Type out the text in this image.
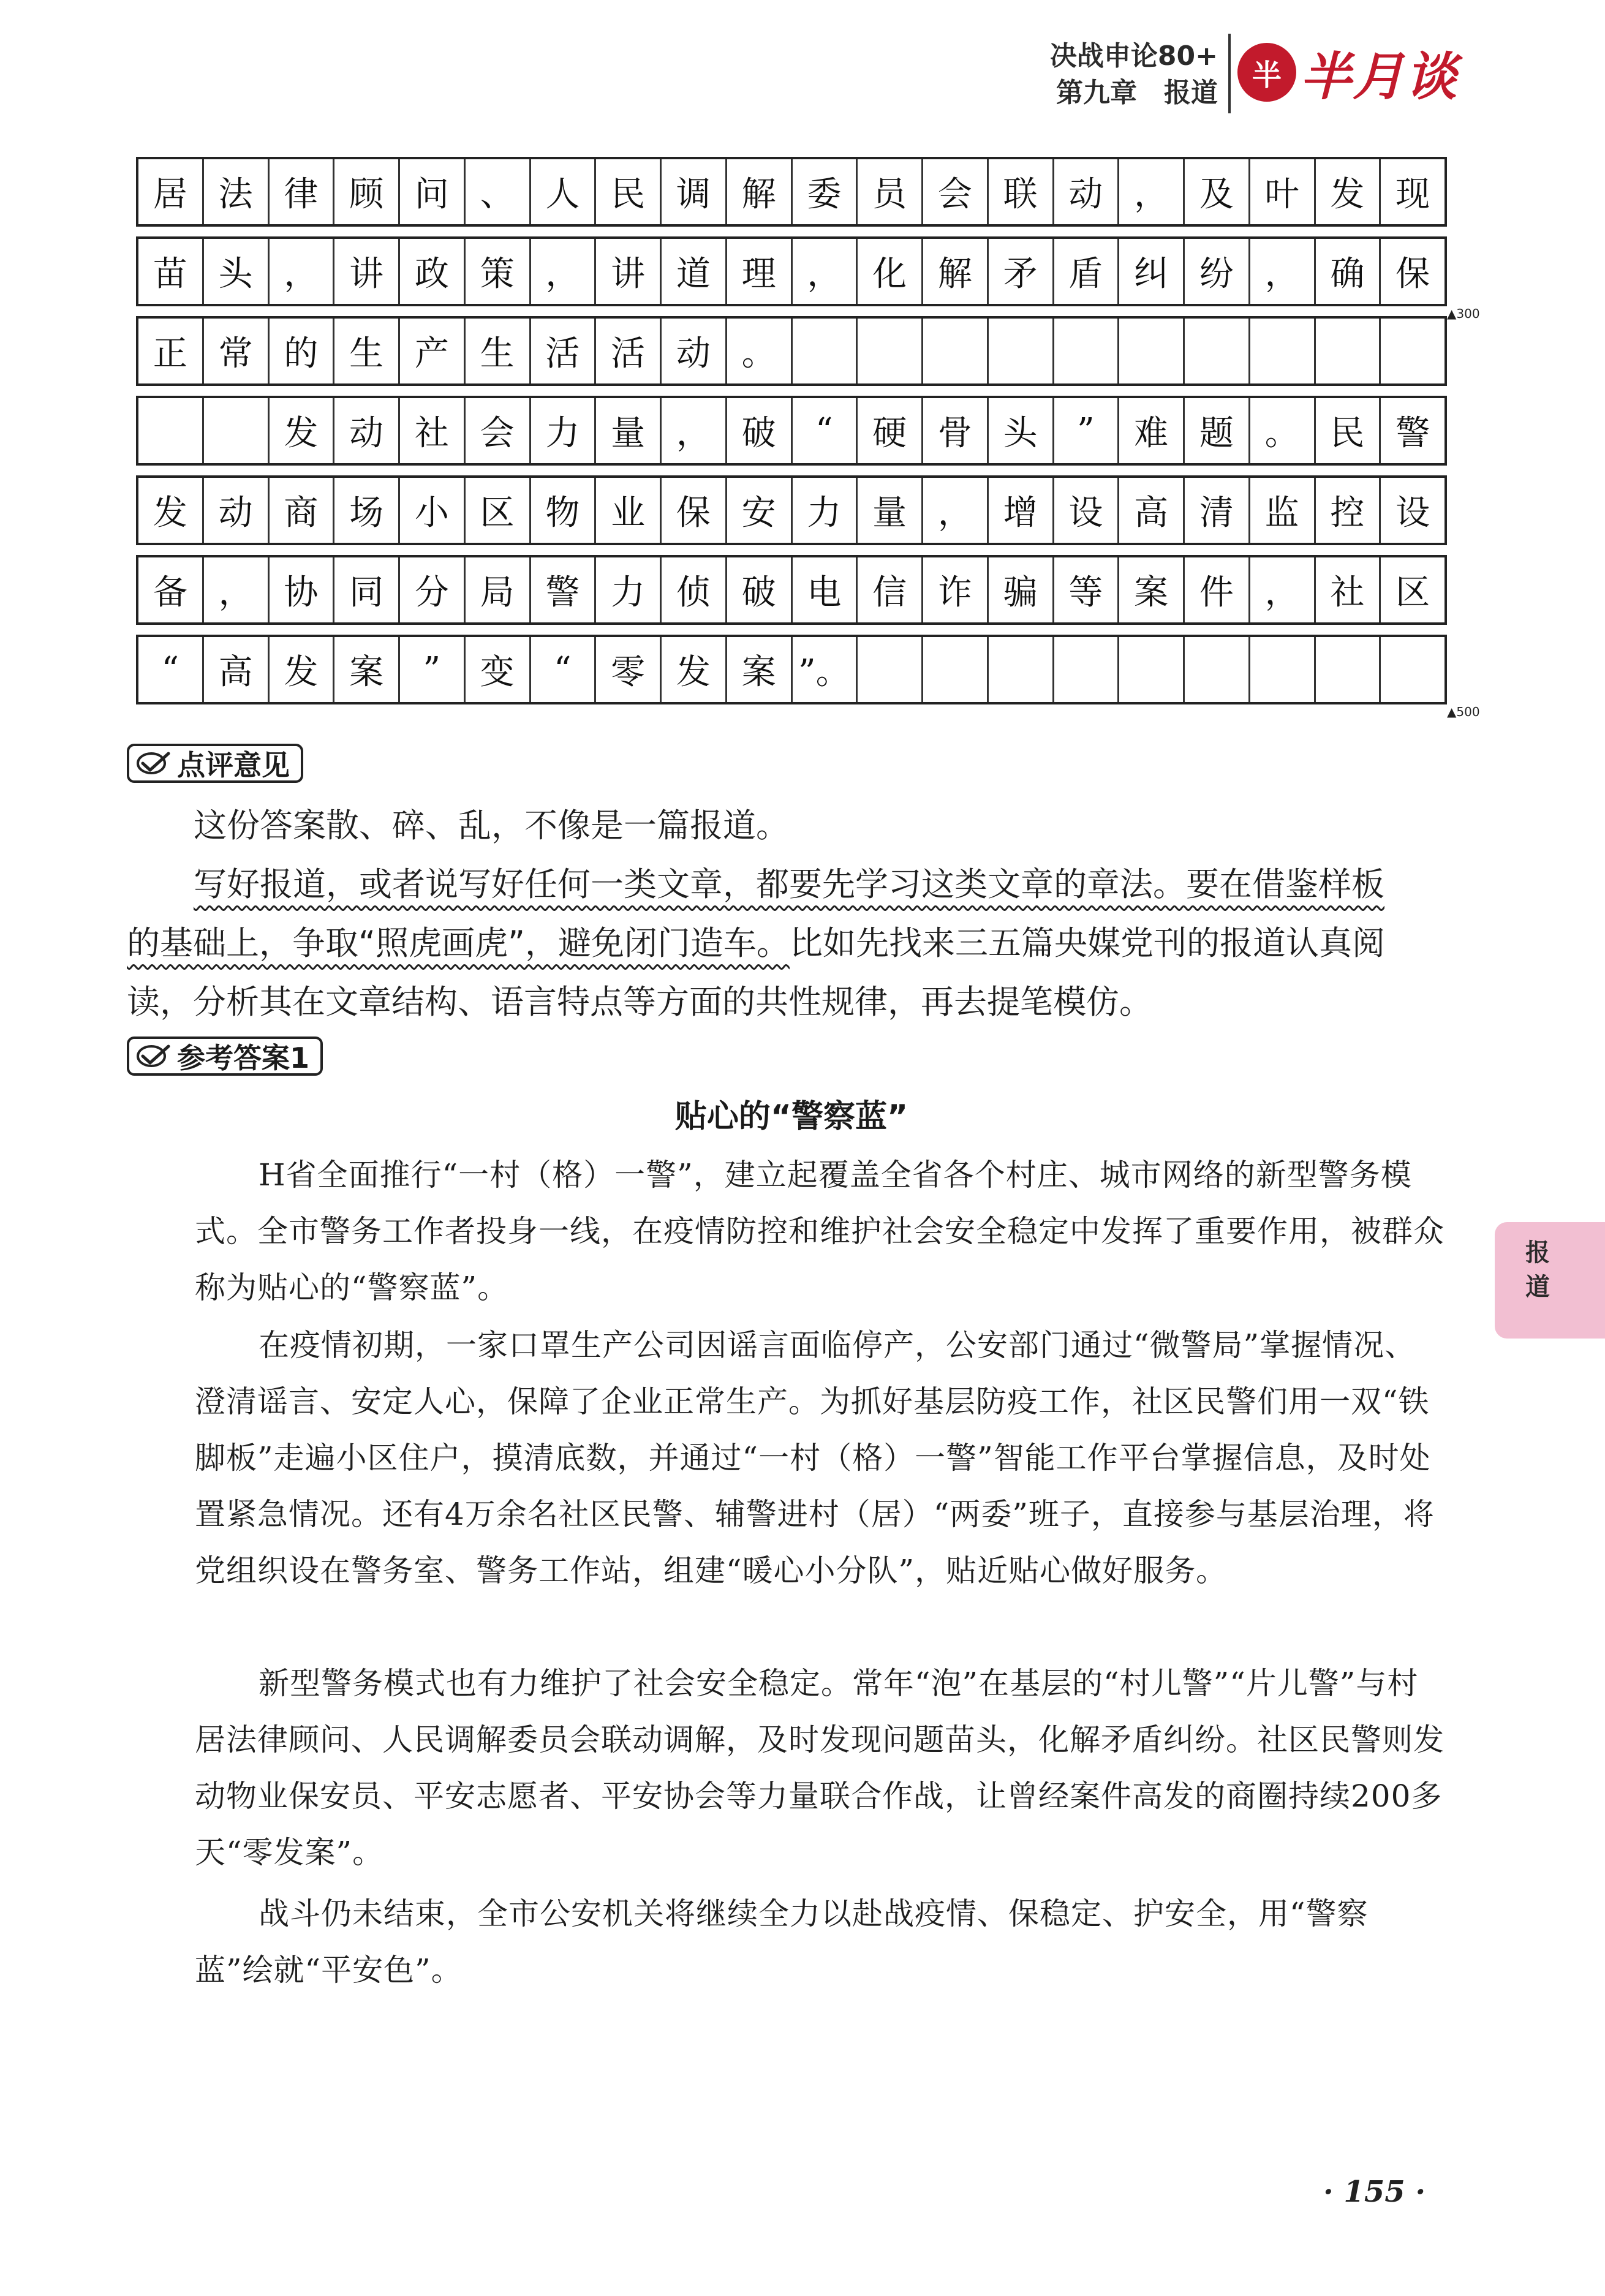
决战申论80+
第九章　报道
半 半月谈
居 法 律 顾 问 、 人 民 调 解 委 员 会 联 动 ， 及 叶 发 现
苗 头 ， 讲 政 策 ， 讲 道 理 ， 化 解 矛 盾 纠 纷 ， 确 保
正 常 的 生 产 生 活 活 动 。
发 动 社 会 力 量 ， 破	“	硬 骨 头	”	难 题 。 民 警
发 动 商 场 小 区 物 业 保 安 力 量 ， 增 设 高 清 监 控 设
备 ， 协 同 分 局 警 力 侦 破 电 信 诈 骗 等 案 件 ， 社 区
“	高 发 案	”	变	“	零 发 案 ”。
▲300
▲500
点评意见
这份答案散、碎、乱，不像是一篇报道。
写好报道，或者说写好任何一类文章，都要先学习这类文章的章法。要在借鉴样板
的基础上，争取“照虎画虎”，避免闭门造车。比如先找来三五篇央媒党刊的报道认真阅
读，分析其在文章结构、语言特点等方面的共性规律，再去提笔模仿。
参考答案1
贴心的“警察蓝”
H省全面推行“一村（格）一警”，建立起覆盖全省各个村庄、城市网络的新型警务模式。全市警务工作者投身一线，在疫情防控和维护社会安全稳定中发挥了重要作用，被群众称为贴心的“警察蓝”。
在疫情初期，一家口罩生产公司因谣言面临停产，公安部门通过“微警局”掌握情况、澄清谣言、安定人心，保障了企业正常生产。为抓好基层防疫工作，社区民警们用一双“铁脚板”走遍小区住户，摸清底数，并通过“一村（格）一警”智能工作平台掌握信息，及时处置紧急情况。还有4万余名社区民警、辅警进村（居）“两委”班子，直接参与基层治理，将党组织设在警务室、警务工作站，组建“暖心小分队”，贴近贴心做好服务。
新型警务模式也有力维护了社会安全稳定。常年“泡”在基层的“村儿警”“片儿警”与村居法律顾问、人民调解委员会联动调解，及时发现问题苗头，化解矛盾纠纷。社区民警则发动物业保安员、平安志愿者、平安协会等力量联合作战，让曾经案件高发的商圈持续200多天“零发案”。
战斗仍未结束，全市公安机关将继续全力以赴战疫情、保稳定、护安全，用“警察蓝”绘就“平安色”。
报道
· 155 ·
